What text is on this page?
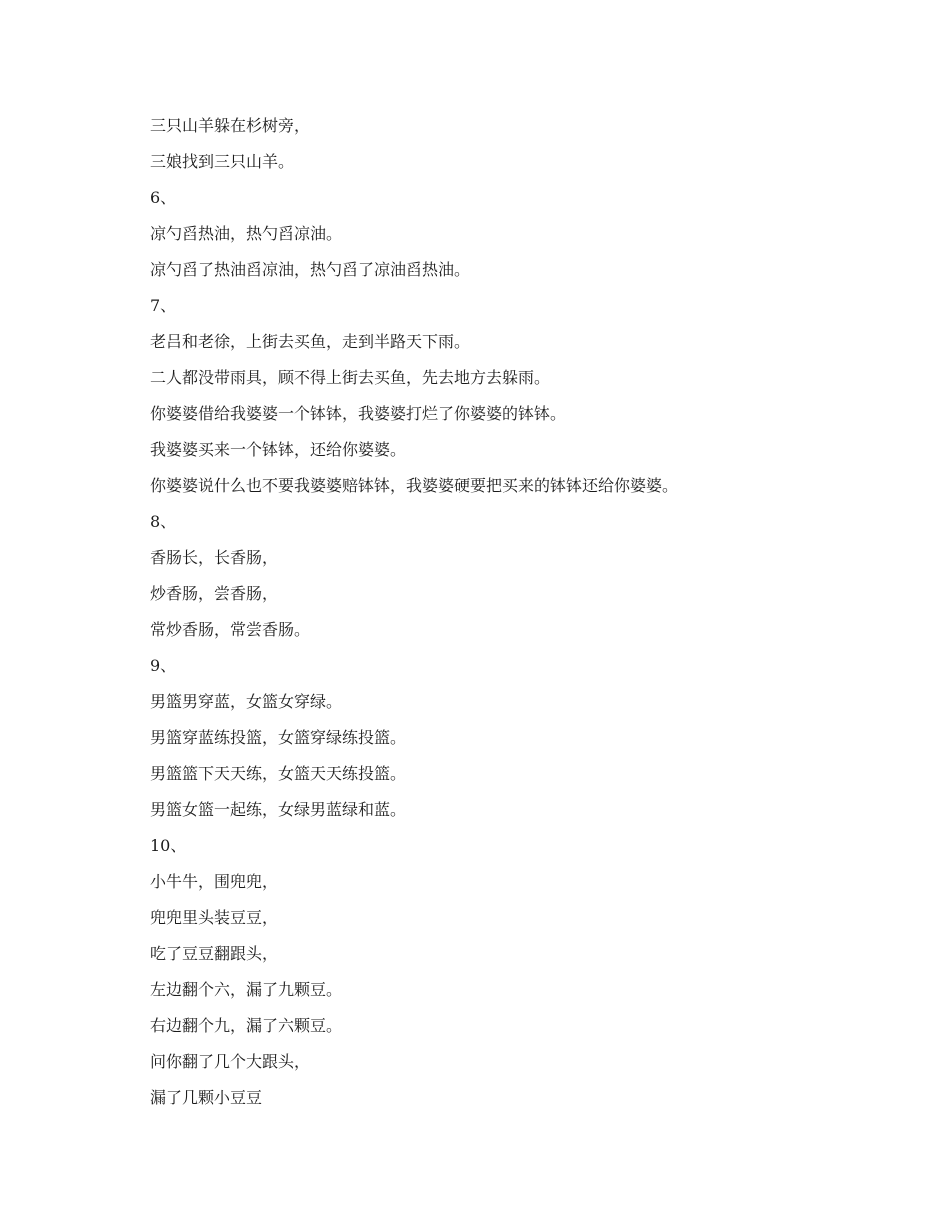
三只山羊躲在杉树旁，
三娘找到三只山羊。
6、
凉勺舀热油，热勺舀凉油。
凉勺舀了热油舀凉油，热勺舀了凉油舀热油。
7、
老吕和老徐，上街去买鱼，走到半路天下雨。
二人都没带雨具，顾不得上街去买鱼，先去地方去躲雨。
你婆婆借给我婆婆一个钵钵，我婆婆打烂了你婆婆的钵钵。
我婆婆买来一个钵钵，还给你婆婆。
你婆婆说什么也不要我婆婆赔钵钵，我婆婆硬要把买来的钵钵还给你婆婆。
8、
香肠长，长香肠，
炒香肠，尝香肠，
常炒香肠，常尝香肠。
9、
男篮男穿蓝，女篮女穿绿。
男篮穿蓝练投篮，女篮穿绿练投篮。
男篮篮下天天练，女篮天天练投篮。
男篮女篮一起练，女绿男蓝绿和蓝。
10、
小牛牛，围兜兜，
兜兜里头装豆豆，
吃了豆豆翻跟头，
左边翻个六，漏了九颗豆。
右边翻个九，漏了六颗豆。
问你翻了几个大跟头，
漏了几颗小豆豆
